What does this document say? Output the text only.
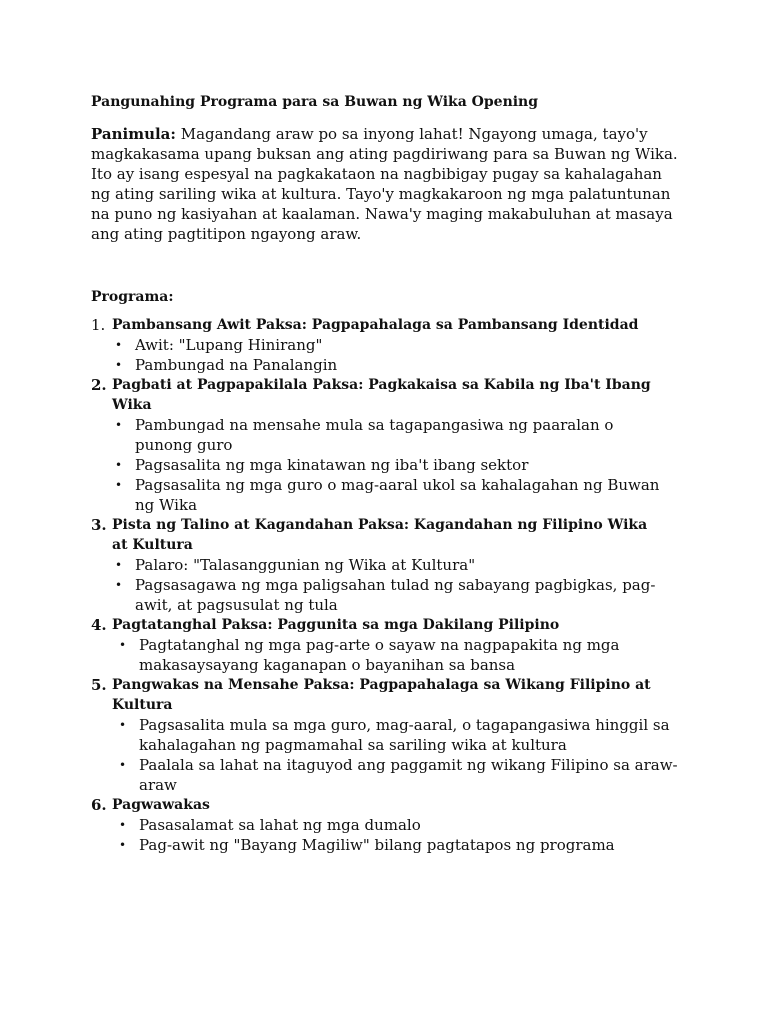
Pangunahing Programa para sa Buwan ng Wika Opening

Panimula: Magandang araw po sa inyong lahat! Ngayong umaga, tayo'y magkakasama upang buksan ang ating pagdiriwang para sa Buwan ng Wika. Ito ay isang espesyal na pagkakataon na nagbibigay pugay sa kahalagahan ng ating sariling wika at kultura. Tayo'y magkakaroon ng mga palatuntunan na puno ng kasiyahan at kaalaman. Nawa'y maging makabuluhan at masaya ang ating pagtitipon ngayong araw.

Programa:
1. Pambansang Awit Paksa: Pagpapahalaga sa Pambansang Identidad
• Awit: "Lupang Hinirang"
• Pambungad na Panalangin
2. Pagbati at Pagpapakilala Paksa: Pagkakaisa sa Kabila ng Iba't Ibang Wika
• Pambungad na mensahe mula sa tagapangasiwa ng paaralan o punong guro
• Pagsasalita ng mga kinatawan ng iba't ibang sektor
• Pagsasalita ng mga guro o mag-aaral ukol sa kahalagahan ng Buwan ng Wika
3. Pista ng Talino at Kagandahan Paksa: Kagandahan ng Filipino Wika at Kultura
• Palaro: "Talasanggunian ng Wika at Kultura"
• Pagsasagawa ng mga paligsahan tulad ng sabayang pagbigkas, pag-awit, at pagsusulat ng tula
4. Pagtatanghal Paksa: Paggunita sa mga Dakilang Pilipino
• Pagtatanghal ng mga pag-arte o sayaw na nagpapakita ng mga makasaysayang kaganapan o bayanihan sa bansa
5. Pangwakas na Mensahe Paksa: Pagpapahalaga sa Wikang Filipino at Kultura
• Pagsasalita mula sa mga guro, mag-aaral, o tagapangasiwa hinggil sa kahalagahan ng pagmamahal sa sariling wika at kultura
• Paalala sa lahat na itaguyod ang paggamit ng wikang Filipino sa araw-araw
6. Pagwawakas
• Pasasalamat sa lahat ng mga dumalo
• Pag-awit ng "Bayang Magiliw" bilang pagtatapos ng programa
